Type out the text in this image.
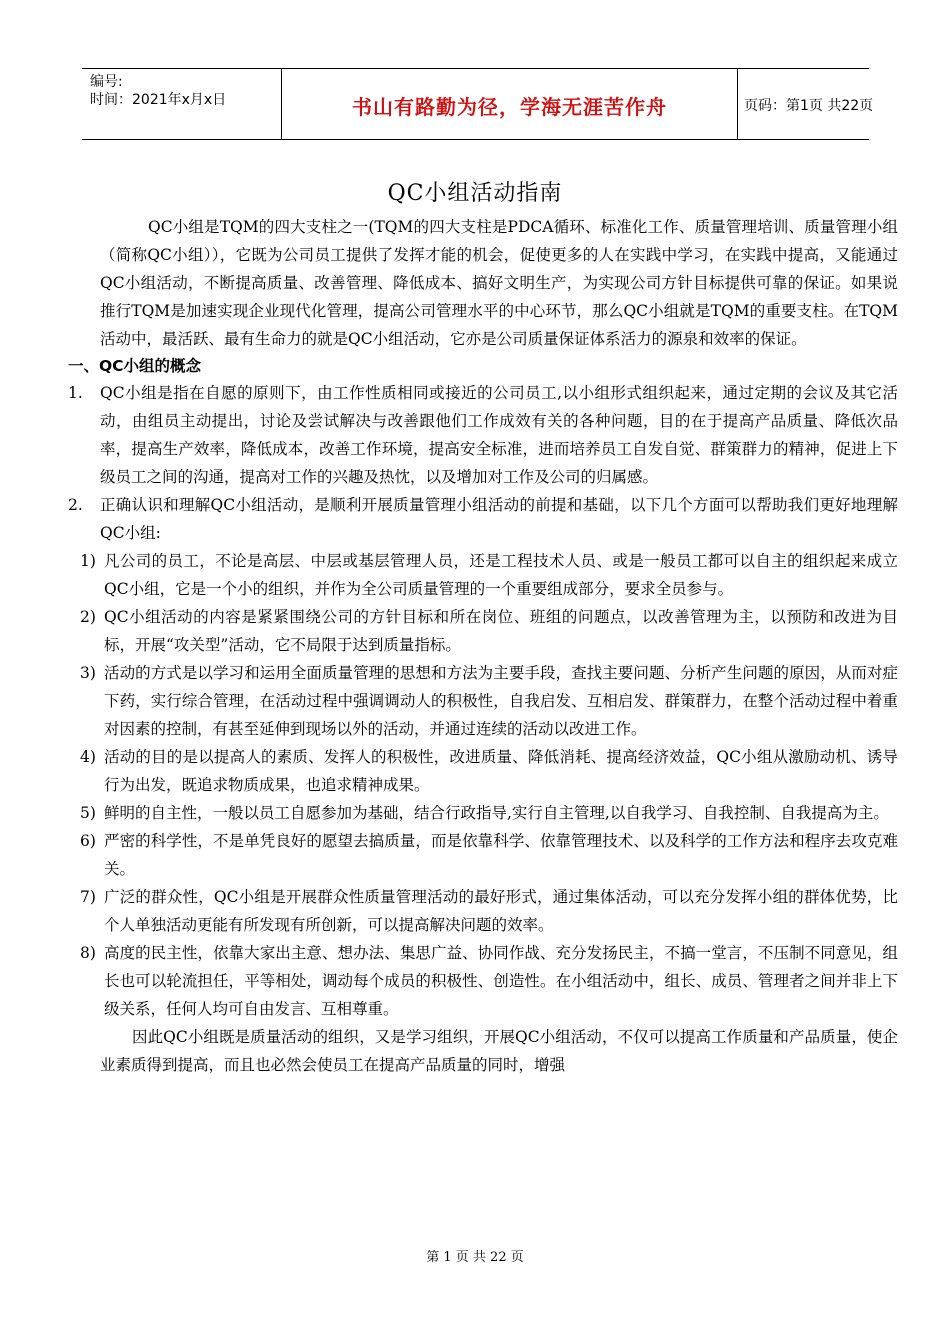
编号:
时间：2021年x月x日	书山有路勤为径，学海无涯苦作舟	页码：第1页 共22页
QC小组活动指南

QC小组是TQM的四大支柱之一(TQM的四大支柱是PDCA循环、标准化工作、质量管理培训、质量管理小组（简称QC小组）），它既为公司员工提供了发挥才能的机会，促使更多的人在实践中学习，在实践中提高，又能通过QC小组活动，不断提高质量、改善管理、降低成本、搞好文明生产，为实现公司方针目标提供可靠的保证。如果说推行TQM是加速实现企业现代化管理，提高公司管理水平的中心环节，那么QC小组就是TQM的重要支柱。在TQM活动中，最活跃、最有生命力的就是QC小组活动，它亦是公司质量保证体系活力的源泉和效率的保证。

一、QC小组的概念

1. QC小组是指在自愿的原则下，由工作性质相同或接近的公司员工,以小组形式组织起来，通过定期的会议及其它活动，由组员主动提出，讨论及尝试解决与改善跟他们工作成效有关的各种问题，目的在于提高产品质量、降低次品率，提高生产效率，降低成本，改善工作环境，提高安全标准，进而培养员工自发自觉、群策群力的精神，促进上下级员工之间的沟通，提高对工作的兴趣及热忱，以及增加对工作及公司的归属感。

2. 正确认识和理解QC小组活动，是顺利开展质量管理小组活动的前提和基础，以下几个方面可以帮助我们更好地理解QC小组:

1) 凡公司的员工，不论是高层、中层或基层管理人员，还是工程技术人员、或是一般员工都可以自主的组织起来成立QC小组，它是一个小的组织，并作为全公司质量管理的一个重要组成部分，要求全员参与。

2) QC小组活动的内容是紧紧围绕公司的方针目标和所在岗位、班组的问题点，以改善管理为主，以预防和改进为目标，开展“攻关型”活动，它不局限于达到质量指标。

3) 活动的方式是以学习和运用全面质量管理的思想和方法为主要手段，查找主要问题、分析产生问题的原因，从而对症下药，实行综合管理，在活动过程中强调调动人的积极性，自我启发、互相启发、群策群力，在整个活动过程中着重对因素的控制，有甚至延伸到现场以外的活动，并通过连续的活动以改进工作。

4) 活动的目的是以提高人的素质、发挥人的积极性，改进质量、降低消耗、提高经济效益，QC小组从激励动机、诱导行为出发，既追求物质成果，也追求精神成果。

5) 鲜明的自主性，一般以员工自愿参加为基础，结合行政指导,实行自主管理,以自我学习、自我控制、自我提高为主。

6) 严密的科学性，不是单凭良好的愿望去搞质量，而是依靠科学、依靠管理技术、以及科学的工作方法和程序去攻克难关。

7) 广泛的群众性，QC小组是开展群众性质量管理活动的最好形式，通过集体活动，可以充分发挥小组的群体优势，比个人单独活动更能有所发现有所创新，可以提高解决问题的效率。

8) 高度的民主性，依靠大家出主意、想办法、集思广益、协同作战、充分发扬民主，不搞一堂言，不压制不同意见，组长也可以轮流担任，平等相处，调动每个成员的积极性、创造性。在小组活动中，组长、成员、管理者之间并非上下级关系，任何人均可自由发言、互相尊重。

因此QC小组既是质量活动的组织，又是学习组织，开展QC小组活动，不仅可以提高工作质量和产品质量，使企业素质得到提高，而且也必然会使员工在提高产品质量的同时，增强

第 1 页 共 22 页
